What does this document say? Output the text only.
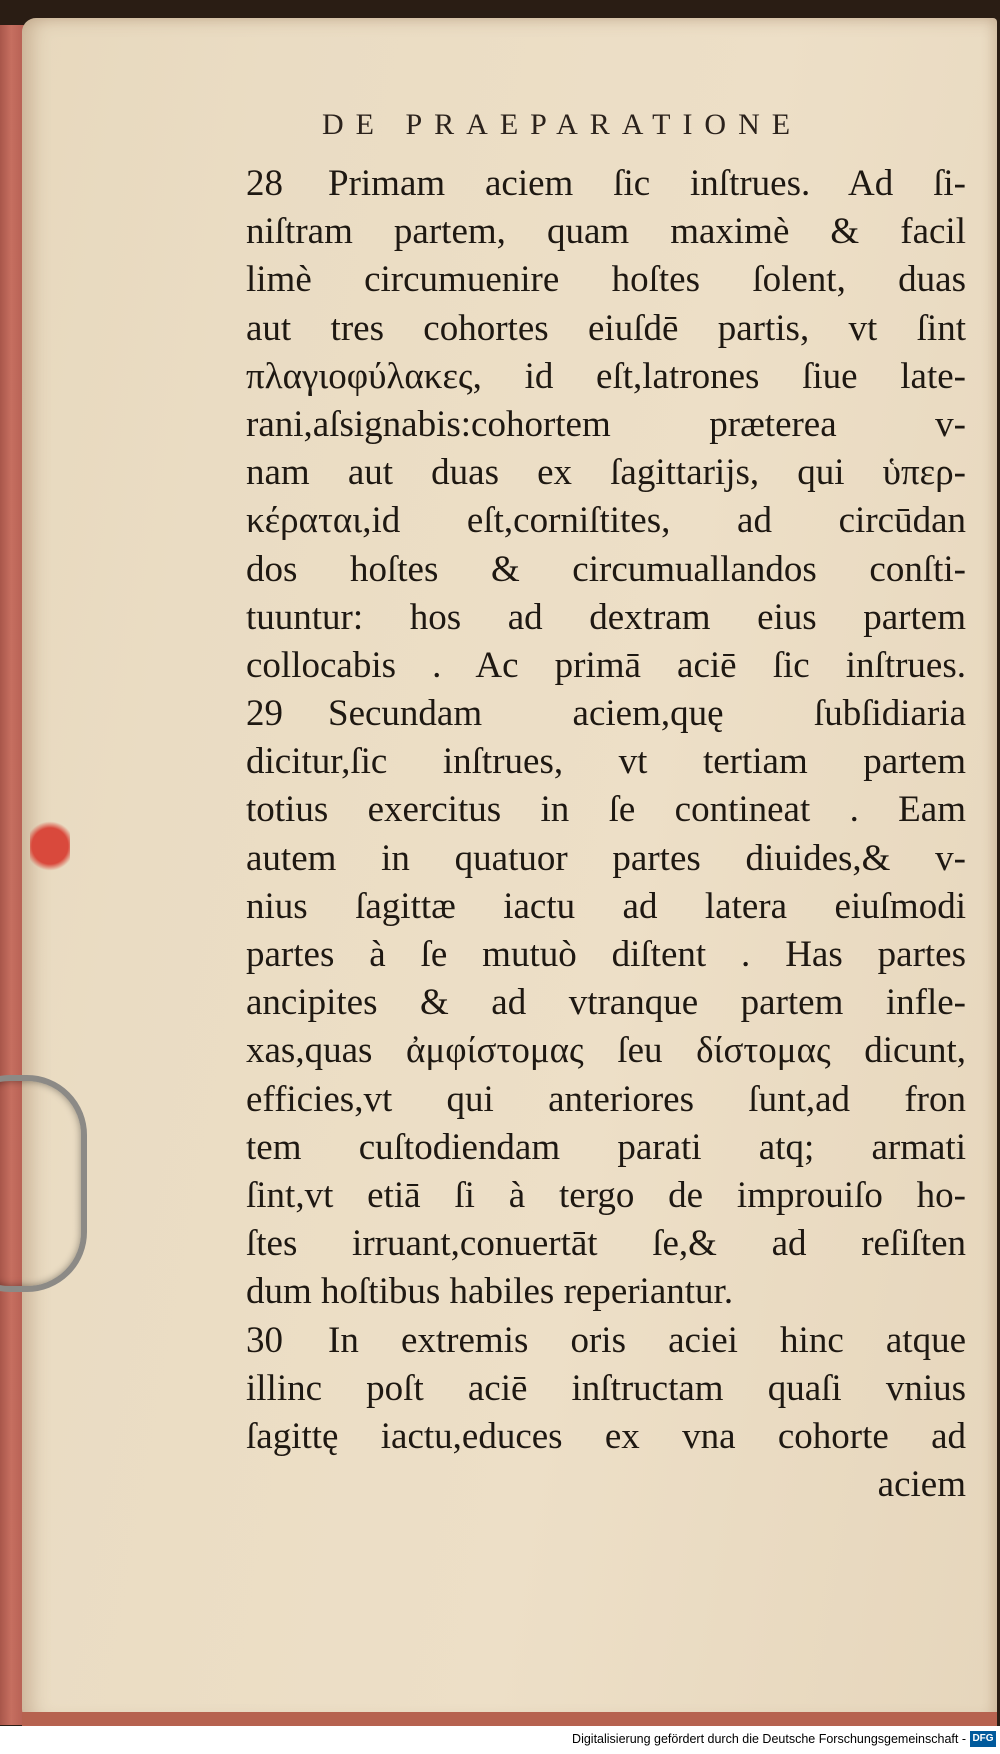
DE PRAEPARATIONE
28 Primam aciem ſic inſtrues. Ad ſi-
niſtram partem, quam maximè & facil
limè circumuenire hoſtes ſolent, duas
aut tres cohortes eiuſdē partis, vt ſint
πλαγιοφύλακες, id eſt,latrones ſiue late-
rani,aſsignabis:cohortem præterea v-
nam aut duas ex ſagittarijs, qui ὑπερ-
κέραται,id eſt,corniſtites, ad circūdan
dos hoſtes & circumuallandos conſti-
tuuntur: hos ad dextram eius partem
collocabis . Ac primā aciē ſic inſtrues.
29 Secundam aciem,quę ſubſidiaria
dicitur,ſic inſtrues, vt tertiam partem
totius exercitus in ſe contineat . Eam
autem in quatuor partes diuides,& v-
nius ſagittæ iactu ad latera eiuſmodi
partes à ſe mutuò diſtent . Has partes
ancipites & ad vtranque partem infle-
xas,quas ἀμφίστομας ſeu δίστομας dicunt,
efficies,vt qui anteriores ſunt,ad fron
tem cuſtodiendam parati atq; armati
ſint,vt etiā ſi à tergo de improuiſo ho-
ſtes irruant,conuertāt ſe,& ad reſiſten
dum hoſtibus habiles reperiantur.
30 In extremis oris aciei hinc atque
illinc poſt aciē inſtructam quaſi vnius
ſagittę iactu,educes ex vna cohorte ad
aciem
Digitalisierung gefördert durch die Deutsche Forschungsgemeinschaft - DFG
